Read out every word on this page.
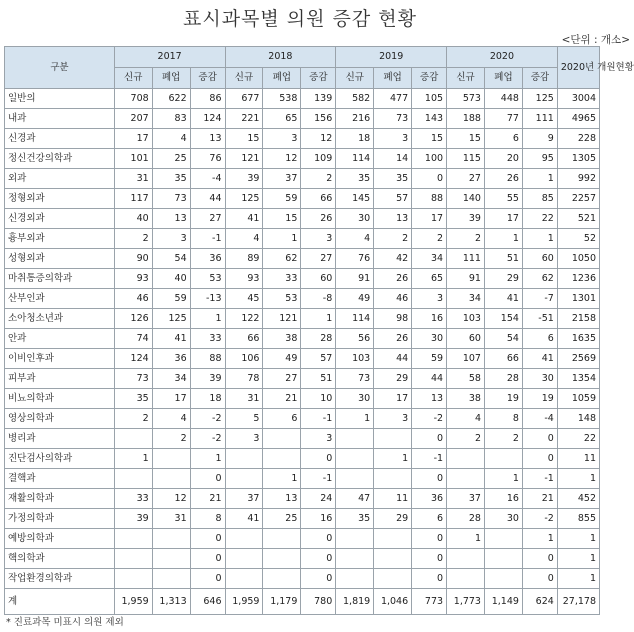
표시과목별 의원 증감 현황
<단위 : 개소>
구분	2017			2018			2019			2020			2020년 개원현황
	신규	폐업	증감	신규	폐업	증감	신규	폐업	증감	신규	폐업	증감	
일반의	708	622	86	677	538	139	582	477	105	573	448	125	3004
내과	207	83	124	221	65	156	216	73	143	188	77	111	4965
신경과	17	4	13	15	3	12	18	3	15	15	6	9	228
정신건강의학과	101	25	76	121	12	109	114	14	100	115	20	95	1305
외과	31	35	-4	39	37	2	35	35	0	27	26	1	992
정형외과	117	73	44	125	59	66	145	57	88	140	55	85	2257
신경외과	40	13	27	41	15	26	30	13	17	39	17	22	521
흉부외과	2	3	-1	4	1	3	4	2	2	2	1	1	52
성형외과	90	54	36	89	62	27	76	42	34	111	51	60	1050
마취통증의학과	93	40	53	93	33	60	91	26	65	91	29	62	1236
산부인과	46	59	-13	45	53	-8	49	46	3	34	41	-7	1301
소아청소년과	126	125	1	122	121	1	114	98	16	103	154	-51	2158
안과	74	41	33	66	38	28	56	26	30	60	54	6	1635
이비인후과	124	36	88	106	49	57	103	44	59	107	66	41	2569
피부과	73	34	39	78	27	51	73	29	44	58	28	30	1354
비뇨의학과	35	17	18	31	21	10	30	17	13	38	19	19	1059
영상의학과	2	4	-2	5	6	-1	1	3	-2	4	8	-4	148
병리과		2	-2	3		3			0	2	2	0	22
진단검사의학과	1		1			0		1	-1			0	11
결핵과			0		1	-1			0		1	-1	1
재활의학과	33	12	21	37	13	24	47	11	36	37	16	21	452
가정의학과	39	31	8	41	25	16	35	29	6	28	30	-2	855
예방의학과			0			0			0	1		1	1
핵의학과			0			0			0			0	1
작업환경의학과			0			0			0			0	1
계	1,959	1,313	646	1,959	1,179	780	1,819	1,046	773	1,773	1,149	624	27,178
* 진료과목 미표시 의원 제외
